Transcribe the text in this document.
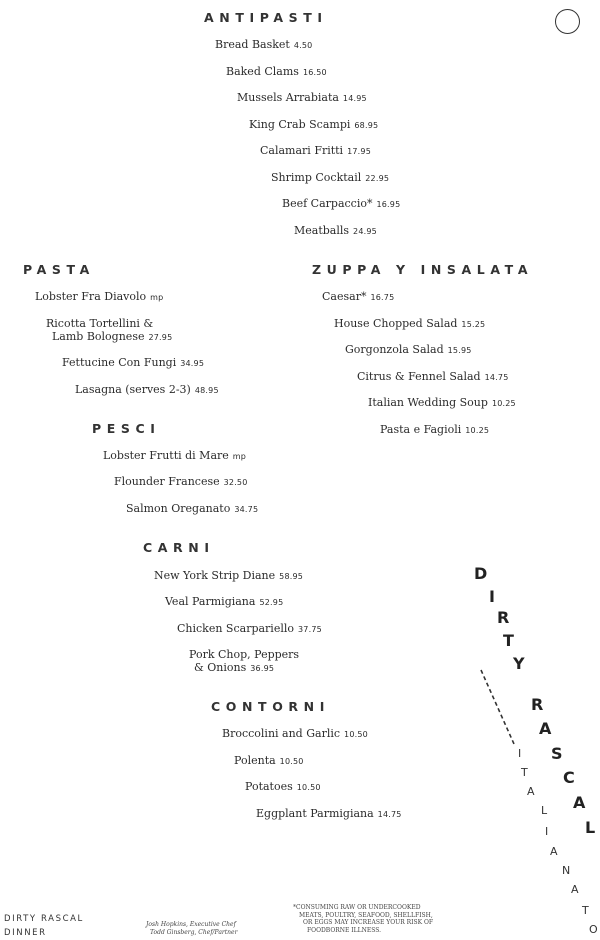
ANTIPASTI
Bread Basket 4.50
Baked Clams 16.50
Mussels Arrabiata 14.95
King Crab Scampi 68.95
Calamari Fritti 17.95
Shrimp Cocktail 22.95
Beef Carpaccio* 16.95
Meatballs 24.95
PASTA
Lobster Fra Diavolo mp
Ricotta Tortellini &
Lamb Bolognese 27.95
Fettucine Con Fungi 34.95
Lasagna (serves 2-3) 48.95
ZUPPA Y INSALATA
Caesar* 16.75
House Chopped Salad 15.25
Gorgonzola Salad 15.95
Citrus & Fennel Salad 14.75
Italian Wedding Soup 10.25
Pasta e Fagioli 10.25
PESCI
Lobster Frutti di Mare mp
Flounder Francese 32.50
Salmon Oreganato 34.75
CARNI
New York Strip Diane 58.95
Veal Parmigiana 52.95
Chicken Scarpariello 37.75
Pork Chop, Peppers
& Onions 36.95
CONTORNI
Broccolini and Garlic 10.50
Polenta 10.50
Potatoes 10.50
Eggplant Parmigiana 14.75
D
I
R
T
Y
R
A
S
C
A
L
I
T
A
L
I
A
N
A
T
O
DIRTY RASCAL
DINNER
Josh Hopkins, Executive Chef
Todd Ginsberg, Chef/Partner
*CONSUMING RAW OR UNDERCOOKED
MEATS, POULTRY, SEAFOOD, SHELLFISH,
OR EGGS MAY INCREASE YOUR RISK OF
FOODBORNE ILLNESS.
